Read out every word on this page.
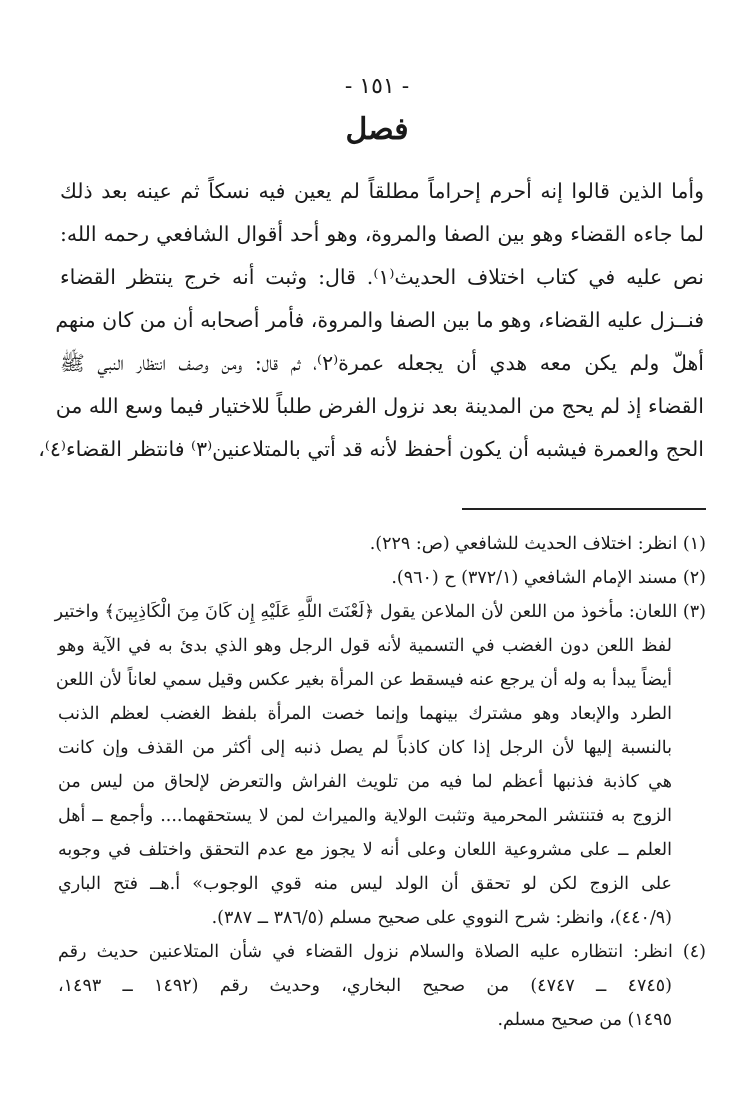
- ١٥١ -
فصل
وأما الذين قالوا إنه أحرم إحراماً مطلقاً لم يعين فيه نسكاً ثم عينه بعد ذلك
لما جاءه القضاء وهو بين الصفا والمروة، وهو أحد أقوال الشافعي رحمه الله:
نص عليه في كتاب اختلاف الحديث⁽١⁾. قال: وثبت أنه خرج ينتظر القضاء
فنــزل عليه القضاء، وهو ما بين الصفا والمروة، فأمر أصحابه أن من كان منهم
أهلّ ولم يكن معه هدي أن يجعله عمرة⁽٢⁾، ثم قال: ومن وصف انتظار النبي ﷺ
القضاء إذ لم يحج من المدينة بعد نزول الفرض طلباً للاختيار فيما وسع الله من
الحج والعمرة فيشبه أن يكون أحفظ لأنه قد أتي بالمتلاعنين⁽٣⁾ فانتظر القضاء⁽٤⁾،
(١) انظر: اختلاف الحديث للشافعي (ص: ٢٢٩).
(٢) مسند الإمام الشافعي (٣٧٢/١) ح (٩٦٠).
(٣) اللعان: مأخوذ من اللعن لأن الملاعن يقول ﴿لَعْنَتَ اللَّهِ عَلَيْهِ إِن كَانَ مِنَ الْكَاذِبِينَ﴾ واختير
لفظ اللعن دون الغضب في التسمية لأنه قول الرجل وهو الذي بدئ به في الآية وهو
أيضاً يبدأ به وله أن يرجع عنه فيسقط عن المرأة بغير عكس وقيل سمي لعاناً لأن اللعن
الطرد والإبعاد وهو مشترك بينهما وإنما خصت المرأة بلفظ الغضب لعظم الذنب
بالنسبة إليها لأن الرجل إذا كان كاذباً لم يصل ذنبه إلى أكثر من القذف وإن كانت
هي كاذبة فذنبها أعظم لما فيه من تلويث الفراش والتعرض لإلحاق من ليس من
الزوج به فتنتشر المحرمية وتثبت الولاية والميراث لمن لا يستحقهما.... وأجمع ــ أهل
العلم ــ على مشروعية اللعان وعلى أنه لا يجوز مع عدم التحقق واختلف في وجوبه
على الزوج لكن لو تحقق أن الولد ليس منه قوي الوجوب» أ.هــ فتح الباري
(٤٤٠/٩)، وانظر: شرح النووي على صحيح مسلم (٣٨٦/٥ ــ ٣٨٧).
(٤) انظر: انتظاره عليه الصلاة والسلام نزول القضاء في شأن المتلاعنين حديث رقم
(٤٧٤٥ ــ ٤٧٤٧) من صحيح البخاري، وحديث رقم (١٤٩٢ ــ ١٤٩٣،
١٤٩٥) من صحيح مسلم.
